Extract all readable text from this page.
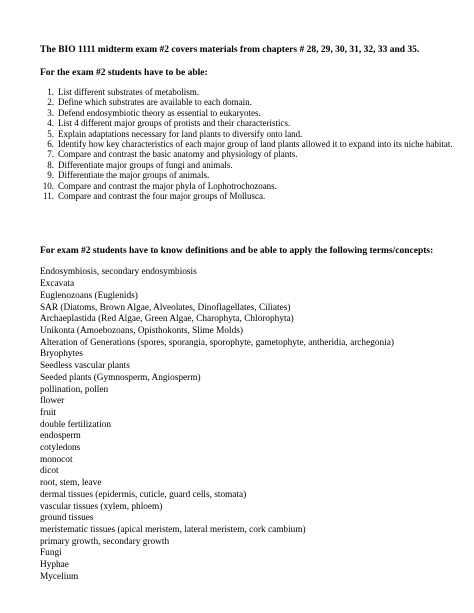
The BIO 1111 midterm exam #2 covers materials from chapters # 28, 29, 30, 31, 32, 33 and 35.

For the exam #2 students have to be able:

1. List different substrates of metabolism.
2. Define which substrates are available to each domain.
3. Defend endosymbiotic theory as essential to eukaryotes.
4. List 4 different major groups of protists and their characteristics.
5. Explain adaptations necessary for land plants to diversify onto land.
6. Identify how key characteristics of each major group of land plants allowed it to expand into its niche habitat.
7. Compare and contrast the basic anatomy and physiology of plants.
8. Differentiate major groups of fungi and animals.
9. Differentiate the major groups of animals.
10. Compare and contrast the major phyla of Lophotrochozoans.
11. Compare and contrast the four major groups of Mollusca.

For exam #2 students have to know definitions and be able to apply the following terms/concepts:

Endosymbiosis, secondary endosymbiosis
Excavata
Euglenozoans (Euglenids)
SAR (Diatoms, Brown Algae, Alveolates, Dinoflagellates, Ciliates)
Archaeplastida (Red Algae, Green Algae, Charophyta, Chlorophyta)
Unikonta (Amoebozoans, Opisthokonts, Slime Molds)
Alteration of Generations (spores, sporangia, sporophyte, gametophyte, antheridia, archegonia)
Bryophytes
Seedless vascular plants
Seeded plants (Gymnosperm, Angiosperm)
pollination, pollen
flower
fruit
double fertilization
endosperm
cotyledons
monocot
dicot
root, stem, leave
dermal tissues (epidermis, cuticle, guard cells, stomata)
vascular tissues (xylem, phloem)
ground tissues
meristematic tissues (apical meristem, lateral meristem, cork cambium)
primary growth, secondary growth
Fungi
Hyphae
Mycelium
